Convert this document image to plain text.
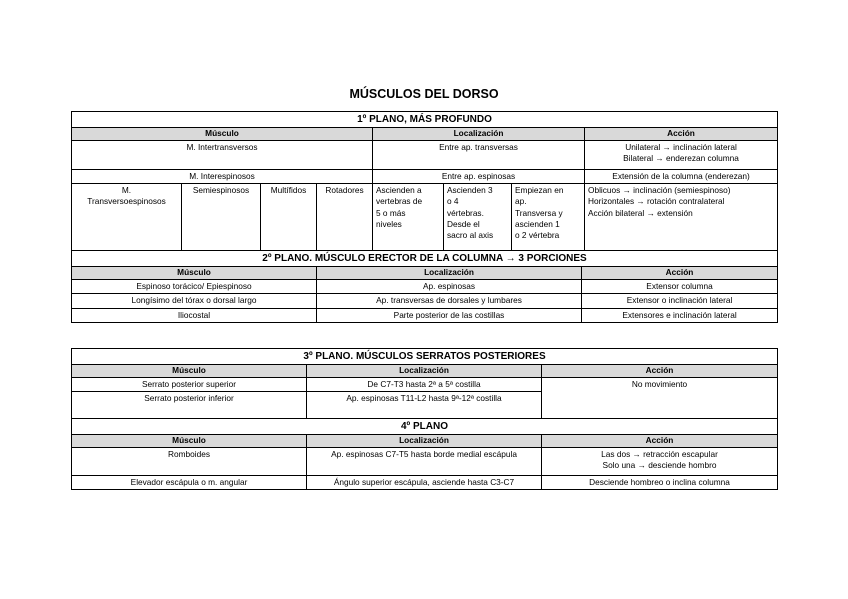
MÚSCULOS DEL DORSO
1º PLANO, MÁS PROFUNDO								
Músculo				Localización				Acción
M. Intertransversos				Entre ap. transversas				Unilateral → inclinación lateral
Bilateral → enderezan columna

M. Interespinosos				Entre ap. espinosas				Extensión de la columna (enderezan)

M.
Transversoespinosos	Semiespinosos	Multífidos	Rotadores	Ascienden a
vertebras de
5 o más
niveles	Ascienden 3
o 4
vértebras.
Desde el
sacro al axis	Empiezan en
ap.
Transversa y
ascienden 1
o 2 vértebra		Oblicuos → inclinación (semiespinoso)
Horizontales → rotación contralateral
Acción bilateral → extensión

2º PLANO. MÚSCULO ERECTOR DE LA COLUMNA → 3 PORCIONES								
Músculo			Localización				Acción	
Espinoso torácico/ Epiespinoso			Ap. espinosas				Extensor columna	
Longísimo del tórax o dorsal largo			Ap. transversas de dorsales y lumbares				Extensor o inclinación lateral	
Iliocostal			Parte posterior de las costillas				Extensores e inclinación lateral	
3º PLANO. MÚSCULOS SERRATOS POSTERIORES		
Músculo	Localización	Acción
Serrato posterior superior	De C7-T3 hasta 2ª a 5ª costilla	No movimiento
Serrato posterior inferior	Ap. espinosas T11-L2 hasta 9ª-12ª costilla	
4º PLANO		
Músculo	Localización	Acción
Romboides	Ap. espinosas C7-T5 hasta borde medial escápula	Las dos → retracción escapular
Solo una → desciende hombro

Elevador escápula o m. angular	Ángulo superior escápula, asciende hasta C3-C7	Desciende hombreo o inclina columna
